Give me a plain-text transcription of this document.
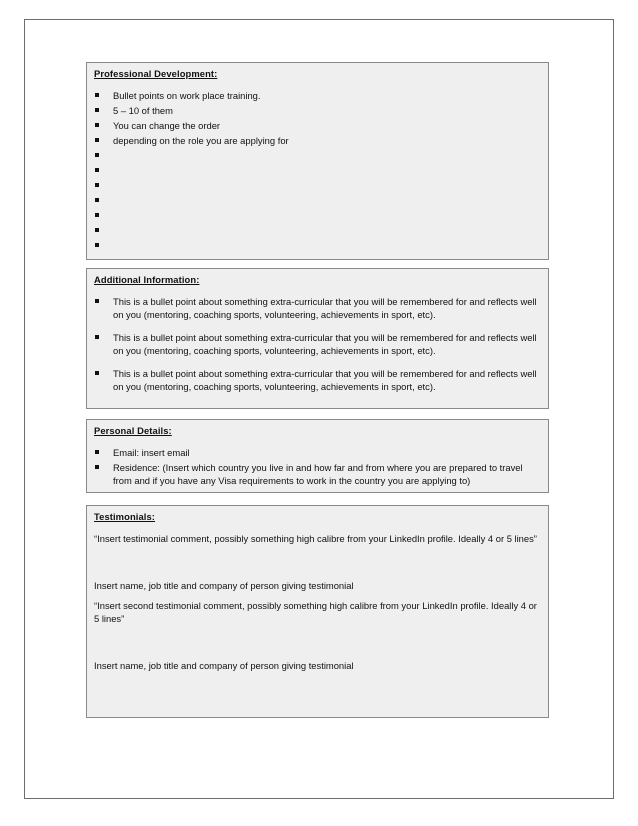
Professional Development:
Bullet points on work place training.
5 – 10 of them
You can change the order
depending on the role you are applying for
Additional Information:
This is a bullet point about something extra-curricular that you will be remembered for and reflects well on you (mentoring, coaching sports, volunteering, achievements in sport, etc).
This is a bullet point about something extra-curricular that you will be remembered for and reflects well on you (mentoring, coaching sports, volunteering, achievements in sport, etc).
This is a bullet point about something extra-curricular that you will be remembered for and reflects well on you (mentoring, coaching sports, volunteering, achievements in sport, etc).
Personal Details:
Email: insert email
Residence: (Insert which country you live in and how far and from where you are prepared to travel from and if you have any Visa requirements to work in the country you are applying to)
Testimonials:

“Insert testimonial comment, possibly something high calibre from your LinkedIn profile. Ideally 4 or 5 lines”

Insert name, job title and company of person giving testimonial

“Insert second testimonial comment, possibly something high calibre from your LinkedIn profile. Ideally 4 or 5 lines”

Insert name, job title and company of person giving testimonial
